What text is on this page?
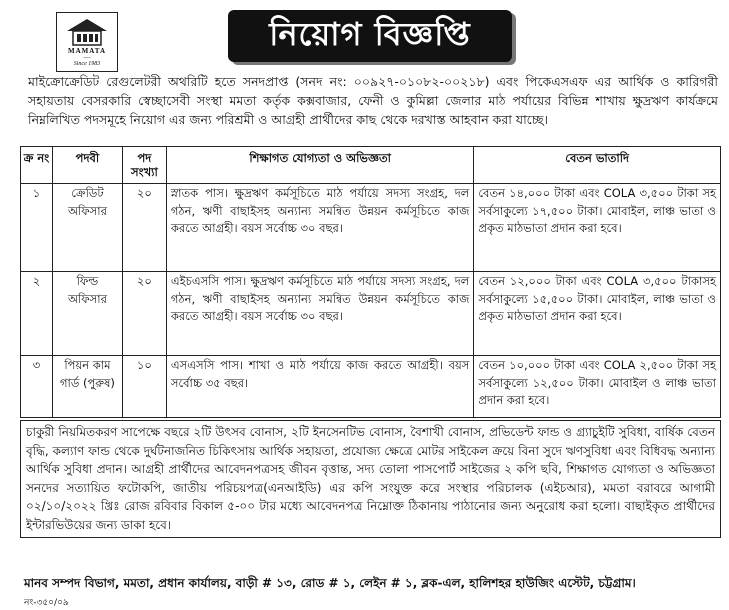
MAMATA
───
Since 1983
নিয়োগ বিজ্ঞপ্তি
মাইক্রোক্রেডিট রেগুলেটরী অথরিটি হতে সনদপ্রাপ্ত (সনদ নং: ০০৯২৭-০১০৮২-০০২১৮) এবং পিকেএসএফ এর আর্থিক ও কারিগরী সহায়তায় বেসরকারি স্বেচ্ছাসেবী সংস্থা মমতা কর্তৃক কক্সবাজার, ফেনী ও কুমিল্লা জেলার মাঠ পর্যায়ের বিভিন্ন শাখায় ক্ষুদ্রঋণ কার্যক্রমে নিম্নলিখিত পদসমূহে নিয়োগ এর জন্য পরিশ্রমী ও আগ্রহী প্রার্থীদের কাছ থেকে দরখাস্ত আহবান করা যাচ্ছে।
ক্র নং	পদবী	পদ সংখ্যা	শিক্ষাগত যোগ্যতা ও অভিজ্ঞতা	বেতন ভাতাদি
১	ক্রেডিট অফিসার	২০	স্নাতক পাস। ক্ষুদ্রঋণ কর্মসূচিতে মাঠ পর্যায়ে সদস্য সংগ্রহ, দল গঠন, ঋণী বাছাইসহ অন্যান্য সমন্বিত উন্নয়ন কর্মসূচিতে কাজ করতে আগ্রহী। বয়স সর্বোচ্চ ৩০ বছর।	বেতন ১৪,০০০ টাকা এবং COLA ৩,৫০০ টাকা সহ সর্বসাকুল্যে ১৭,৫০০ টাকা। মোবাইল, লাঞ্চ ভাতা ও প্রকৃত মাঠভাতা প্রদান করা হবে।
২	ফিল্ড অফিসার	২০	এইচএসসি পাস। ক্ষুদ্রঋণ কর্মসূচিতে মাঠ পর্যায়ে সদস্য সংগ্রহ, দল গঠন, ঋণী বাছাইসহ অন্যান্য সমন্বিত উন্নয়ন কর্মসূচিতে কাজ করতে আগ্রহী। বয়স সর্বোচ্চ ৩০ বছর।	বেতন ১২,০০০ টাকা এবং COLA ৩,৫০০ টাকাসহ সর্বসাকুল্যে ১৫,৫০০ টাকা। মোবাইল, লাঞ্চ ভাতা ও প্রকৃত মাঠভাতা প্রদান করা হবে।
৩	পিয়ন কাম গার্ড (পুরুষ)	১০	এসএসসি পাস। শাখা ও মাঠ পর্যায়ে কাজ করতে আগ্রহী। বয়স সর্বোচ্চ ৩৫ বছর।	বেতন ১০,০০০ টাকা এবং COLA ২,৫০০ টাকা সহ সর্বসাকুল্যে ১২,৫০০ টাকা। মোবাইল ও লাঞ্চ ভাতা প্রদান করা হবে।
চাকুরী নিয়মিতকরণ সাপেক্ষে বছরে ২টি উৎসব বোনাস, ২টি ইনসেনটিভ বোনাস, বৈশাখী বোনাস, প্রভিডেন্ট ফান্ড ও গ্র্যাচুইটি সুবিধা, বার্ষিক বেতন বৃদ্ধি, কল্যাণ ফান্ড থেকে দুর্ঘটনাজনিত চিকিৎসায় আর্থিক সহায়তা, প্রযোজ্য ক্ষেত্রে মোটর সাইকেল ক্রয়ে বিনা সুদে ঋণসুবিধা এবং বিধিবদ্ধ অন্যান্য আর্থিক সুবিধা প্রদান। আগ্রহী প্রার্থীদের আবেদনপত্রসহ জীবন বৃত্তান্ত, সদ্য তোলা পাসপোর্ট সাইজের ২ কপি ছবি, শিক্ষাগত যোগ্যতা ও অভিজ্ঞতা সনদের সত্যায়িত ফটোকপি, জাতীয় পরিচয়পত্র(এনআইডি) এর কপি সংযুক্ত করে সংস্থার পরিচালক (এইচআর), মমতা বরাবরে আগামী ০২/১০/২০২২ খ্রিঃ রোজ রবিবার বিকাল ৫-০০ টার মধ্যে আবেদনপত্র নিম্নোক্ত ঠিকানায় পাঠানোর জন্য অনুরোধ করা হলো। বাছাইকৃত প্রার্থীদের ইন্টারভিউয়ের জন্য ডাকা হবে।
মানব সম্পদ বিভাগ, মমতা, প্রধান কার্যালয়, বাড়ী # ১৩, রোড # ১, লেইন # ১, ব্লক-এল, হালিশহর হাউজিং এস্টেট, চট্টগ্রাম।
নং-৩৫০/০৯
